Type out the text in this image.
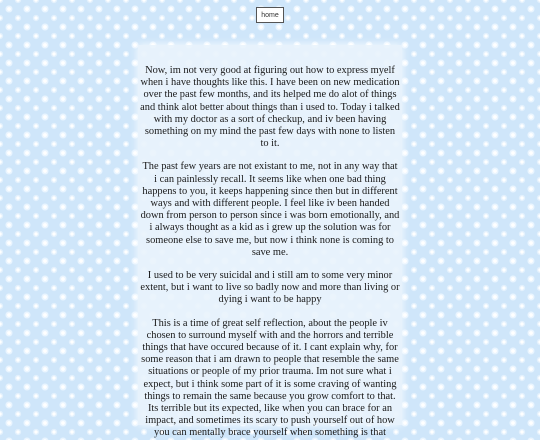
home

Now, im not very good at figuring out how to express myelf when i have thoughts like this. I have been on new medication over the past few months, and its helped me do alot of things and think alot better about things than i used to. Today i talked with my doctor as a sort of checkup, and iv been having something on my mind the past few days with none to listen to it.

The past few years are not existant to me, not in any way that i can painlessly recall. It seems like when one bad thing happens to you, it keeps happening since then but in different ways and with different people. I feel like iv been handed down from person to person since i was born emotionally, and i always thought as a kid as i grew up the solution was for someone else to save me, but now i think none is coming to save me.

I used to be very suicidal and i still am to some very minor extent, but i want to live so badly now and more than living or dying i want to be happy

This is a time of great self reflection, about the people iv chosen to surround myself with and the horrors and terrible things that have occured because of it. I cant explain why, for some reason that i am drawn to people that resemble the same situations or people of my prior trauma. Im not sure what i expect, but i think some part of it is some craving of wanting things to remain the same because you grow comfort to that. Its terrible but its expected, like when you can brace for an impact, and sometimes its scary to push yourself out of how you can mentally brace yourself when something is that
